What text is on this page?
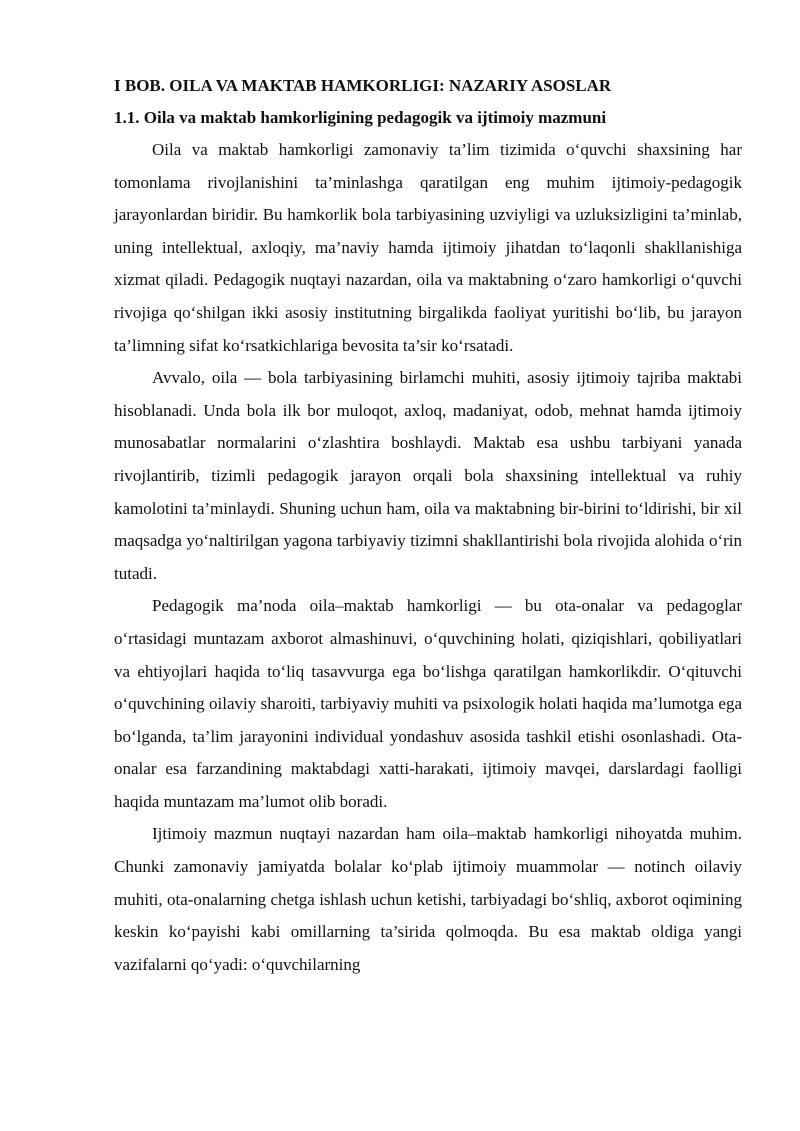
I BOB. OILA VA MAKTAB HAMKORLIGI: NAZARIY ASOSLAR
1.1. Oila va maktab hamkorligining pedagogik va ijtimoiy mazmuni

Oila va maktab hamkorligi zamonaviy ta’lim tizimida o‘quvchi shaxsining har tomonlama rivojlanishini ta’minlashga qaratilgan eng muhim ijtimoiy-pedagogik jarayonlardan biridir. Bu hamkorlik bola tarbiyasining uzviyligi va uzluksizligini ta’minlab, uning intellektual, axloqiy, ma’naviy hamda ijtimoiy jihatdan to‘laqonli shakllanishiga xizmat qiladi. Pedagogik nuqtayi nazardan, oila va maktabning o‘zaro hamkorligi o‘quvchi rivojiga qo‘shilgan ikki asosiy institutning birgalikda faoliyat yuritishi bo‘lib, bu jarayon ta’limning sifat ko‘rsatkichlariga bevosita ta’sir ko‘rsatadi.

Avvalo, oila — bola tarbiyasining birlamchi muhiti, asosiy ijtimoiy tajriba maktabi hisoblanadi. Unda bola ilk bor muloqot, axloq, madaniyat, odob, mehnat hamda ijtimoiy munosabatlar normalarini o‘zlashtira boshlaydi. Maktab esa ushbu tarbiyani yanada rivojlantirib, tizimli pedagogik jarayon orqali bola shaxsining intellektual va ruhiy kamolotini ta’minlaydi. Shuning uchun ham, oila va maktabning bir-birini to‘ldirishi, bir xil maqsadga yo‘naltirilgan yagona tarbiyaviy tizimni shakllantirishi bola rivojida alohida o‘rin tutadi.

Pedagogik ma’noda oila–maktab hamkorligi — bu ota-onalar va pedagoglar o‘rtasidagi muntazam axborot almashinuvi, o‘quvchining holati, qiziqishlari, qobiliyatlari va ehtiyojlari haqida to‘liq tasavvurga ega bo‘lishga qaratilgan hamkorlikdir. O‘qituvchi o‘quvchining oilaviy sharoiti, tarbiyaviy muhiti va psixologik holati haqida ma’lumotga ega bo‘lganda, ta’lim jarayonini individual yondashuv asosida tashkil etishi osonlashadi. Ota-onalar esa farzandining maktabdagi xatti-harakati, ijtimoiy mavqei, darslardagi faolligi haqida muntazam ma’lumot olib boradi.

Ijtimoiy mazmun nuqtayi nazardan ham oila–maktab hamkorligi nihoyatda muhim. Chunki zamonaviy jamiyatda bolalar ko‘plab ijtimoiy muammolar — notinch oilaviy muhiti, ota-onalarning chetga ishlash uchun ketishi, tarbiyadagi bo‘shliq, axborot oqimining keskin ko‘payishi kabi omillarning ta’sirida qolmoqda. Bu esa maktab oldiga yangi vazifalarni qo‘yadi: o‘quvchilarning
